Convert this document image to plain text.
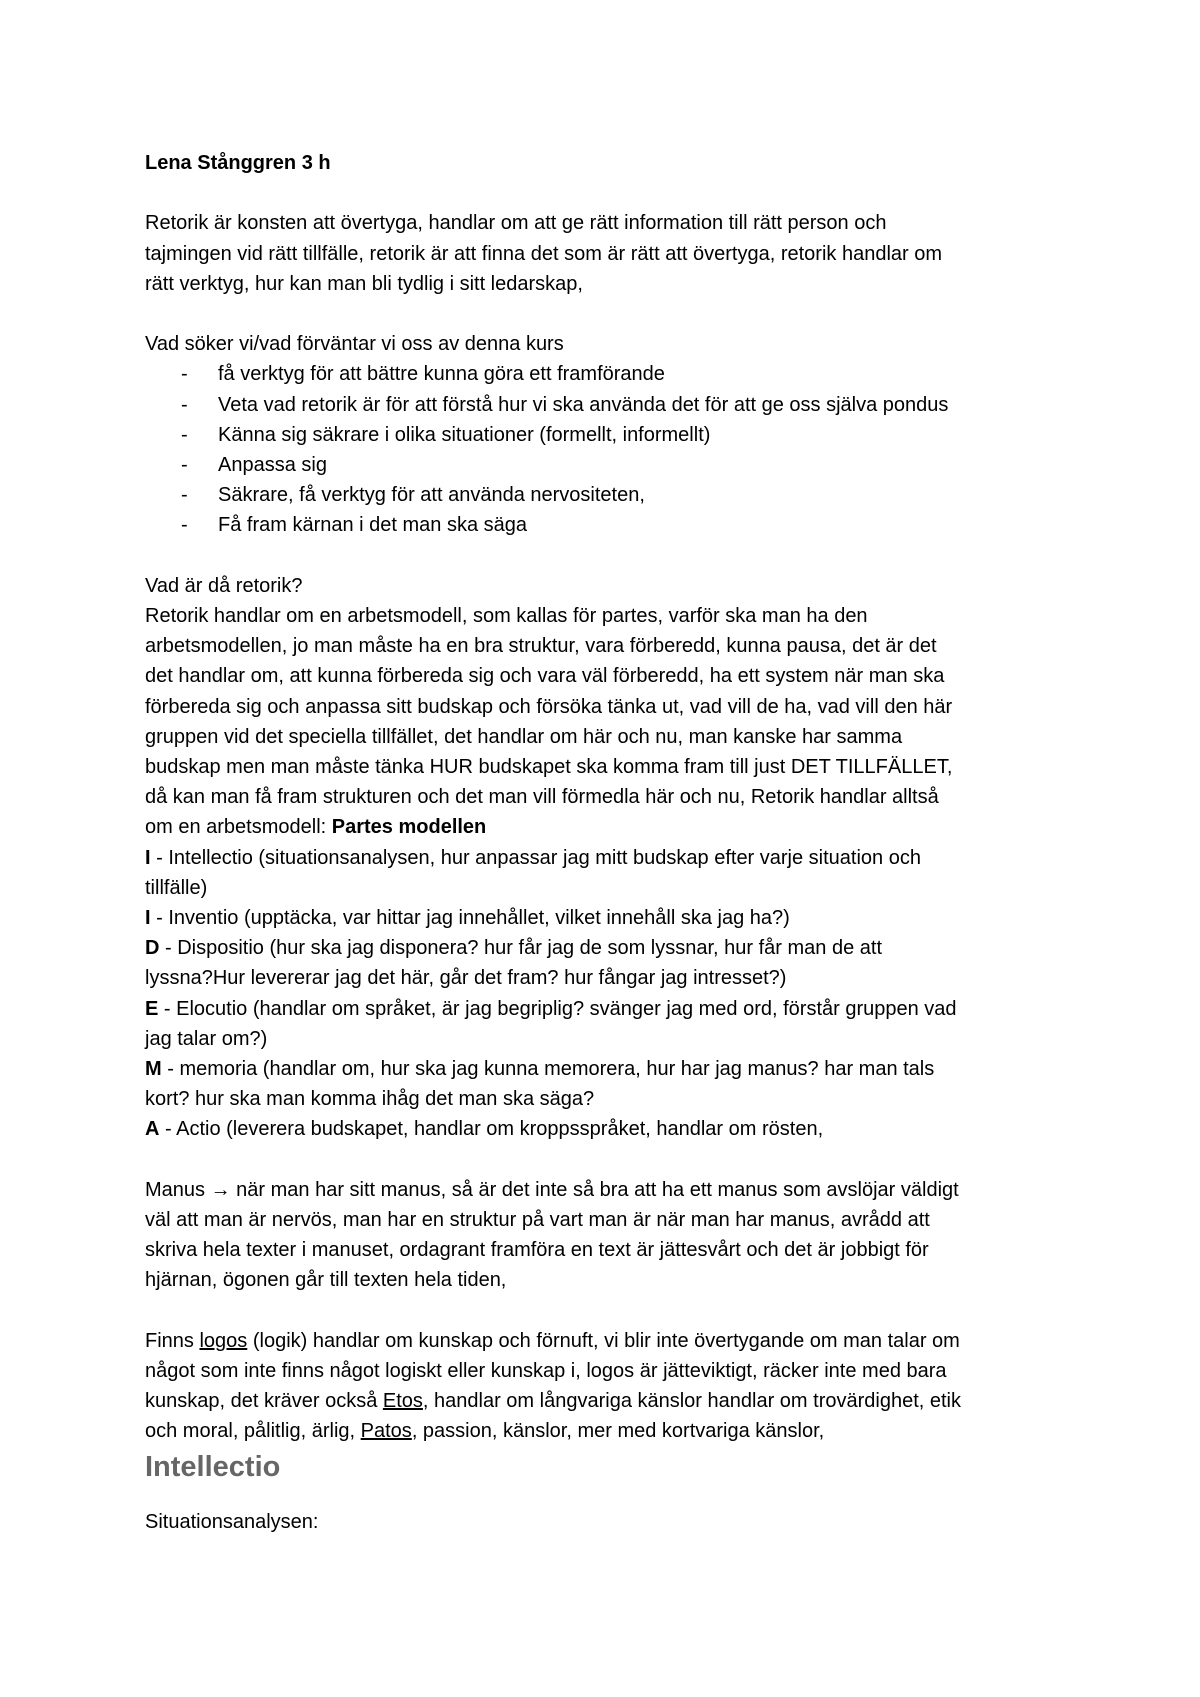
Lena Stånggren 3 h
Retorik är konsten att övertyga, handlar om att ge rätt information till rätt person och
tajmingen vid rätt tillfälle, retorik är att finna det som är rätt att övertyga, retorik handlar om
rätt verktyg, hur kan man bli tydlig i sitt ledarskap,
Vad söker vi/vad förväntar vi oss av denna kurs
- få verktyg för att bättre kunna göra ett framförande
- Veta vad retorik är för att förstå hur vi ska använda det för att ge oss själva pondus
- Känna sig säkrare i olika situationer (formellt, informellt)
- Anpassa sig
- Säkrare, få verktyg för att använda nervositeten,
- Få fram kärnan i det man ska säga
Vad är då retorik?
Retorik handlar om en arbetsmodell, som kallas för partes, varför ska man ha den
arbetsmodellen, jo man måste ha en bra struktur, vara förberedd, kunna pausa, det är det
det handlar om, att kunna förbereda sig och vara väl förberedd, ha ett system när man ska
förbereda sig och anpassa sitt budskap och försöka tänka ut, vad vill de ha, vad vill den här
gruppen vid det speciella tillfället, det handlar om här och nu, man kanske har samma
budskap men man måste tänka HUR budskapet ska komma fram till just DET TILLFÄLLET,
då kan man få fram strukturen och det man vill förmedla här och nu, Retorik handlar alltså
om en arbetsmodell: Partes modellen
I - Intellectio (situationsanalysen, hur anpassar jag mitt budskap efter varje situation och
tillfälle)
I - Inventio (upptäcka, var hittar jag innehållet, vilket innehåll ska jag ha?)
D - Dispositio (hur ska jag disponera? hur får jag de som lyssnar, hur får man de att
lyssna?Hur levererar jag det här, går det fram? hur fångar jag intresset?)
E - Elocutio (handlar om språket, är jag begriplig? svänger jag med ord, förstår gruppen vad
jag talar om?)
M - memoria (handlar om, hur ska jag kunna memorera, hur har jag manus? har man tals
kort? hur ska man komma ihåg det man ska säga?
A - Actio (leverera budskapet, handlar om kroppsspråket, handlar om rösten,
Manus → när man har sitt manus, så är det inte så bra att ha ett manus som avslöjar väldigt
väl att man är nervös, man har en struktur på vart man är när man har manus, avrådd att
skriva hela texter i manuset, ordagrant framföra en text är jättesvårt och det är jobbigt för
hjärnan, ögonen går till texten hela tiden,
Finns logos (logik) handlar om kunskap och förnuft, vi blir inte övertygande om man talar om
något som inte finns något logiskt eller kunskap i, logos är jätteviktigt, räcker inte med bara
kunskap, det kräver också Etos, handlar om långvariga känslor handlar om trovärdighet, etik
och moral, pålitlig, ärlig, Patos, passion, känslor, mer med kortvariga känslor,
Intellectio
Situationsanalysen:
